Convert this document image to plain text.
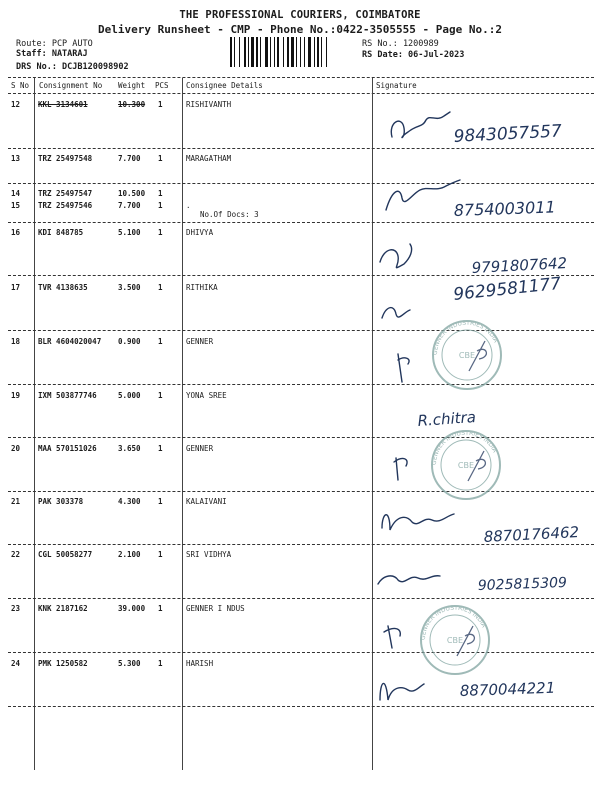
THE PROFESSIONAL COURIERS, COIMBATORE
Delivery Runsheet - CMP - Phone No.:0422-3505555 - Page No.:2
Route: PCP AUTO
Staff: NATARAJ
DRS No.: DCJB120098902
RS No.: 1200989
RS Date: 06-Jul-2023
S No Consignment No Weight PCS Consignee Details	Signature
12 KKL 3134601	10.300 1	RISHIVANTH
13 TRZ 25497548	7.700 1	MARAGATHAM
14 TRZ 25497547	10.500 1
15 TRZ 25497546	7.700 1	.
No.Of Docs: 3
16 KDI 848785	5.100 1	DHIVYA
17 TVR 4138635	3.500 1	RITHIKA
18 BLR 4604020047 0.900 1	GENNER
19 IXM 503877746	5.000 1	YONA SREE
20 MAA 570151026	3.650 1	GENNER
21 PAK 303378	4.300 1	KALAIVANI
22 CGL 50058277	2.100 1	SRI VIDHYA
23 KNK 2187162	39.000 1	GENNER I NDUS
24 PMK 1250582	5.300 1	HARISH
9843057557
8754003011
9791807642
9629581177
R.chitra
8870176462
9025815309
8870044221
GENNER INDUSTRIES INDIA
CBE
GENNER INDUSTRIES INDIA
CBE
GENNER INDUSTRIES INDIA
CBE
